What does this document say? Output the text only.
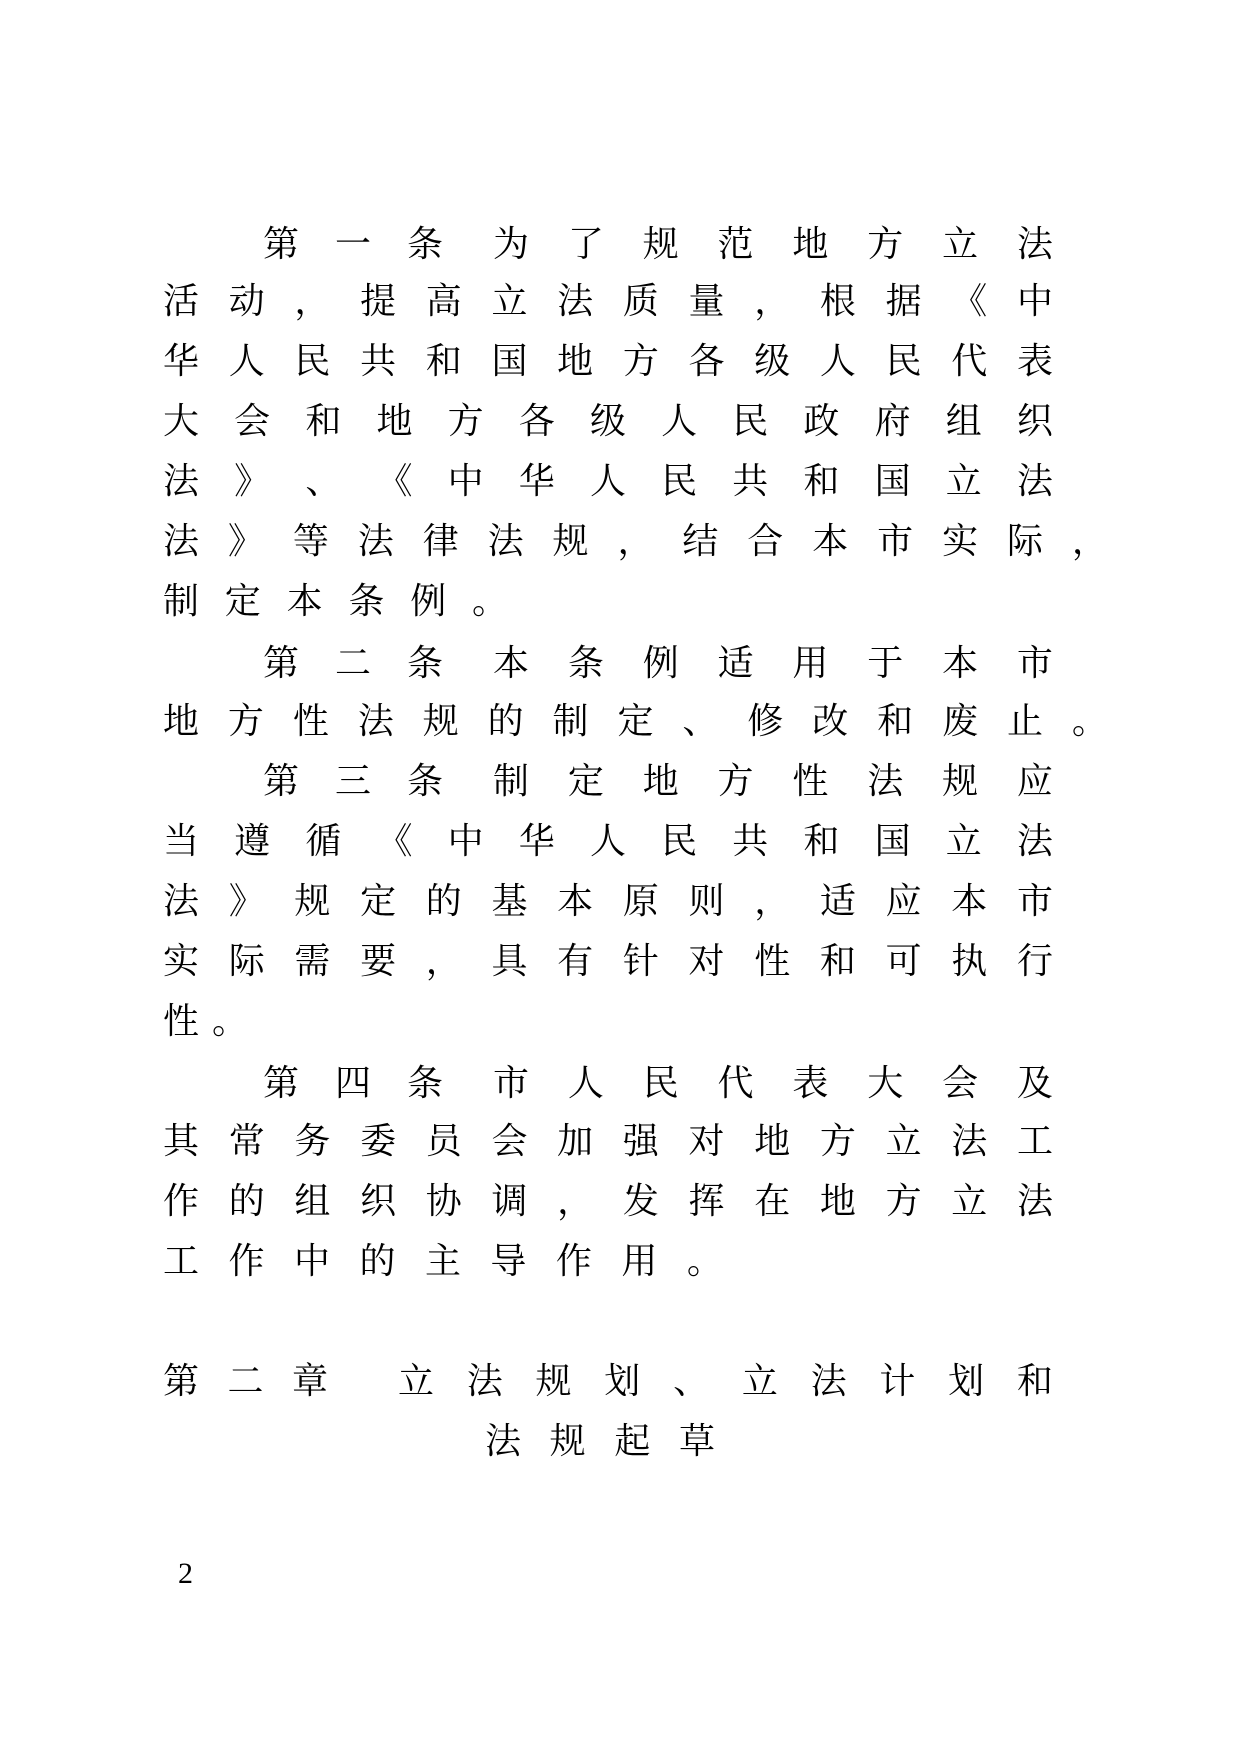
第 一 条 为 了 规 范 地 方 立 法
活 动 ， 提 高 立 法 质 量 ， 根 据 《 中
华 人 民 共 和 国 地 方 各 级 人 民 代 表
大 会 和 地 方 各 级 人 民 政 府 组 织
法 》 、 《 中 华 人 民 共 和 国 立 法
法 》 等 法 律 法 规 ， 结 合 本 市 实 际 ，
制 定 本 条 例 。
第 二 条 本 条 例 适 用 于 本 市
地 方 性 法 规 的 制 定 、 修 改 和 废 止 。
第 三 条 制 定 地 方 性 法 规 应
当 遵 循 《 中 华 人 民 共 和 国 立 法
法 》 规 定 的 基 本 原 则 ， 适 应 本 市
实 际 需 要 ， 具 有 针 对 性 和 可 执 行
性 。
第 四 条 市 人 民 代 表 大 会 及
其 常 务 委 员 会 加 强 对 地 方 立 法 工
作 的 组 织 协 调 ， 发 挥 在 地 方 立 法
工 作 中 的 主 导 作 用 。
第 二 章 立 法 规 划 、 立 法 计 划 和
法 规 起 草
2
